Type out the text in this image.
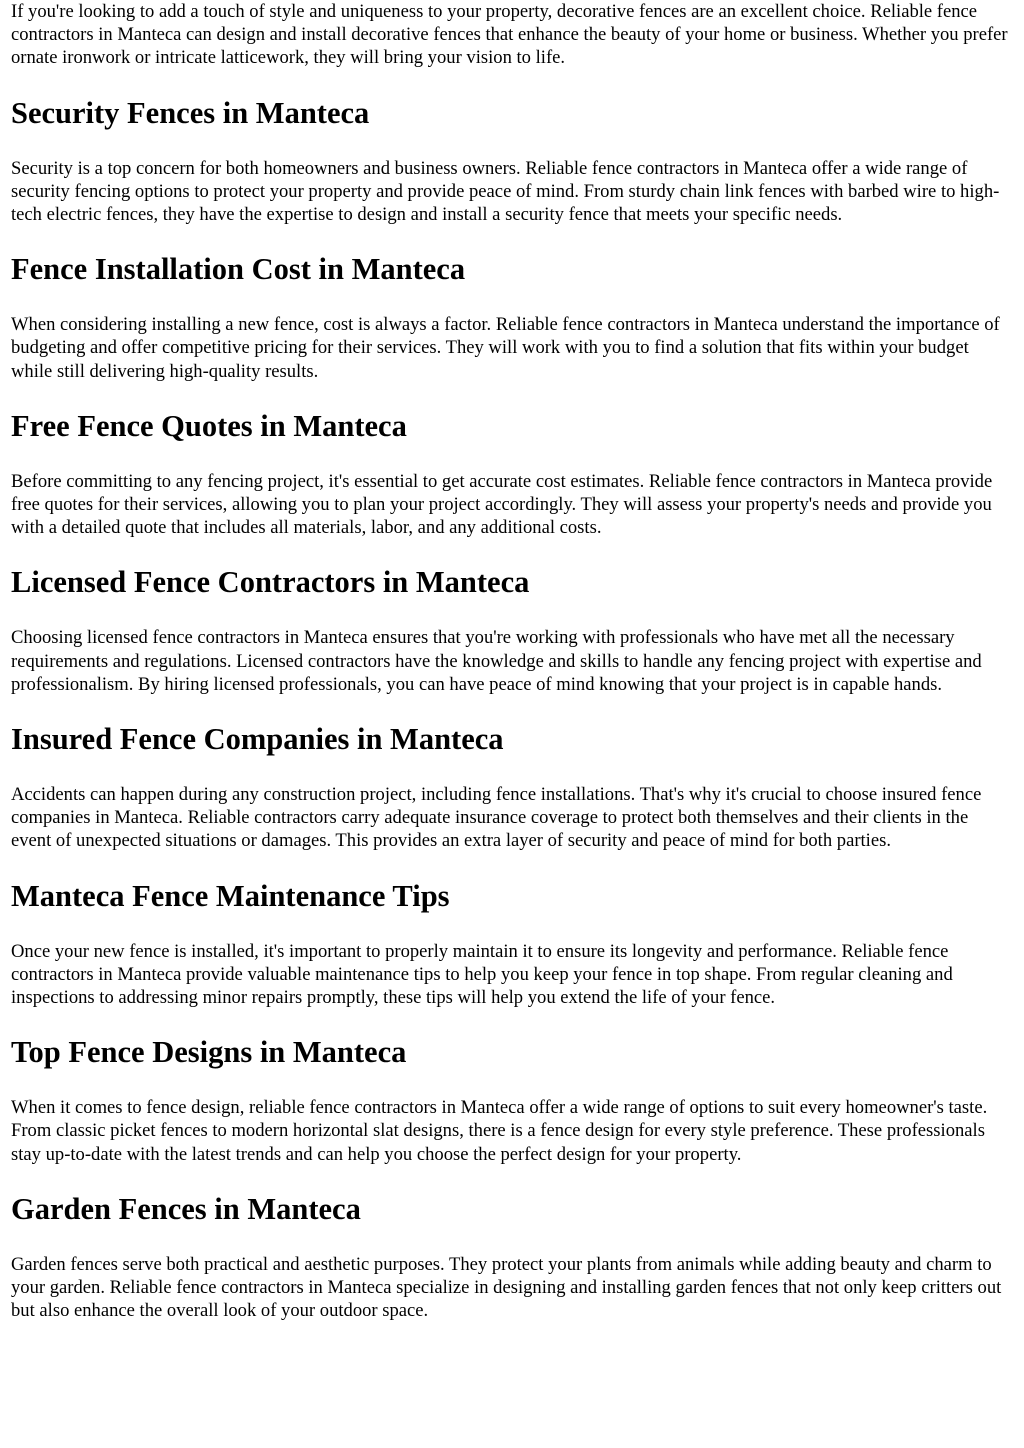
If you're looking to add a touch of style and uniqueness to your property, decorative fences are an excellent choice. Reliable fence contractors in Manteca can design and install decorative fences that enhance the beauty of your home or business. Whether you prefer ornate ironwork or intricate latticework, they will bring your vision to life.

Security Fences in Manteca

Security is a top concern for both homeowners and business owners. Reliable fence contractors in Manteca offer a wide range of security fencing options to protect your property and provide peace of mind. From sturdy chain link fences with barbed wire to high-tech electric fences, they have the expertise to design and install a security fence that meets your specific needs.

Fence Installation Cost in Manteca

When considering installing a new fence, cost is always a factor. Reliable fence contractors in Manteca understand the importance of budgeting and offer competitive pricing for their services. They will work with you to find a solution that fits within your budget while still delivering high-quality results.

Free Fence Quotes in Manteca

Before committing to any fencing project, it's essential to get accurate cost estimates. Reliable fence contractors in Manteca provide free quotes for their services, allowing you to plan your project accordingly. They will assess your property's needs and provide you with a detailed quote that includes all materials, labor, and any additional costs.

Licensed Fence Contractors in Manteca

Choosing licensed fence contractors in Manteca ensures that you're working with professionals who have met all the necessary requirements and regulations. Licensed contractors have the knowledge and skills to handle any fencing project with expertise and professionalism. By hiring licensed professionals, you can have peace of mind knowing that your project is in capable hands.

Insured Fence Companies in Manteca

Accidents can happen during any construction project, including fence installations. That's why it's crucial to choose insured fence companies in Manteca. Reliable contractors carry adequate insurance coverage to protect both themselves and their clients in the event of unexpected situations or damages. This provides an extra layer of security and peace of mind for both parties.

Manteca Fence Maintenance Tips

Once your new fence is installed, it's important to properly maintain it to ensure its longevity and performance. Reliable fence contractors in Manteca provide valuable maintenance tips to help you keep your fence in top shape. From regular cleaning and inspections to addressing minor repairs promptly, these tips will help you extend the life of your fence.

Top Fence Designs in Manteca

When it comes to fence design, reliable fence contractors in Manteca offer a wide range of options to suit every homeowner's taste. From classic picket fences to modern horizontal slat designs, there is a fence design for every style preference. These professionals stay up-to-date with the latest trends and can help you choose the perfect design for your property.

Garden Fences in Manteca

Garden fences serve both practical and aesthetic purposes. They protect your plants from animals while adding beauty and charm to your garden. Reliable fence contractors in Manteca specialize in designing and installing garden fences that not only keep critters out but also enhance the overall look of your outdoor space.
